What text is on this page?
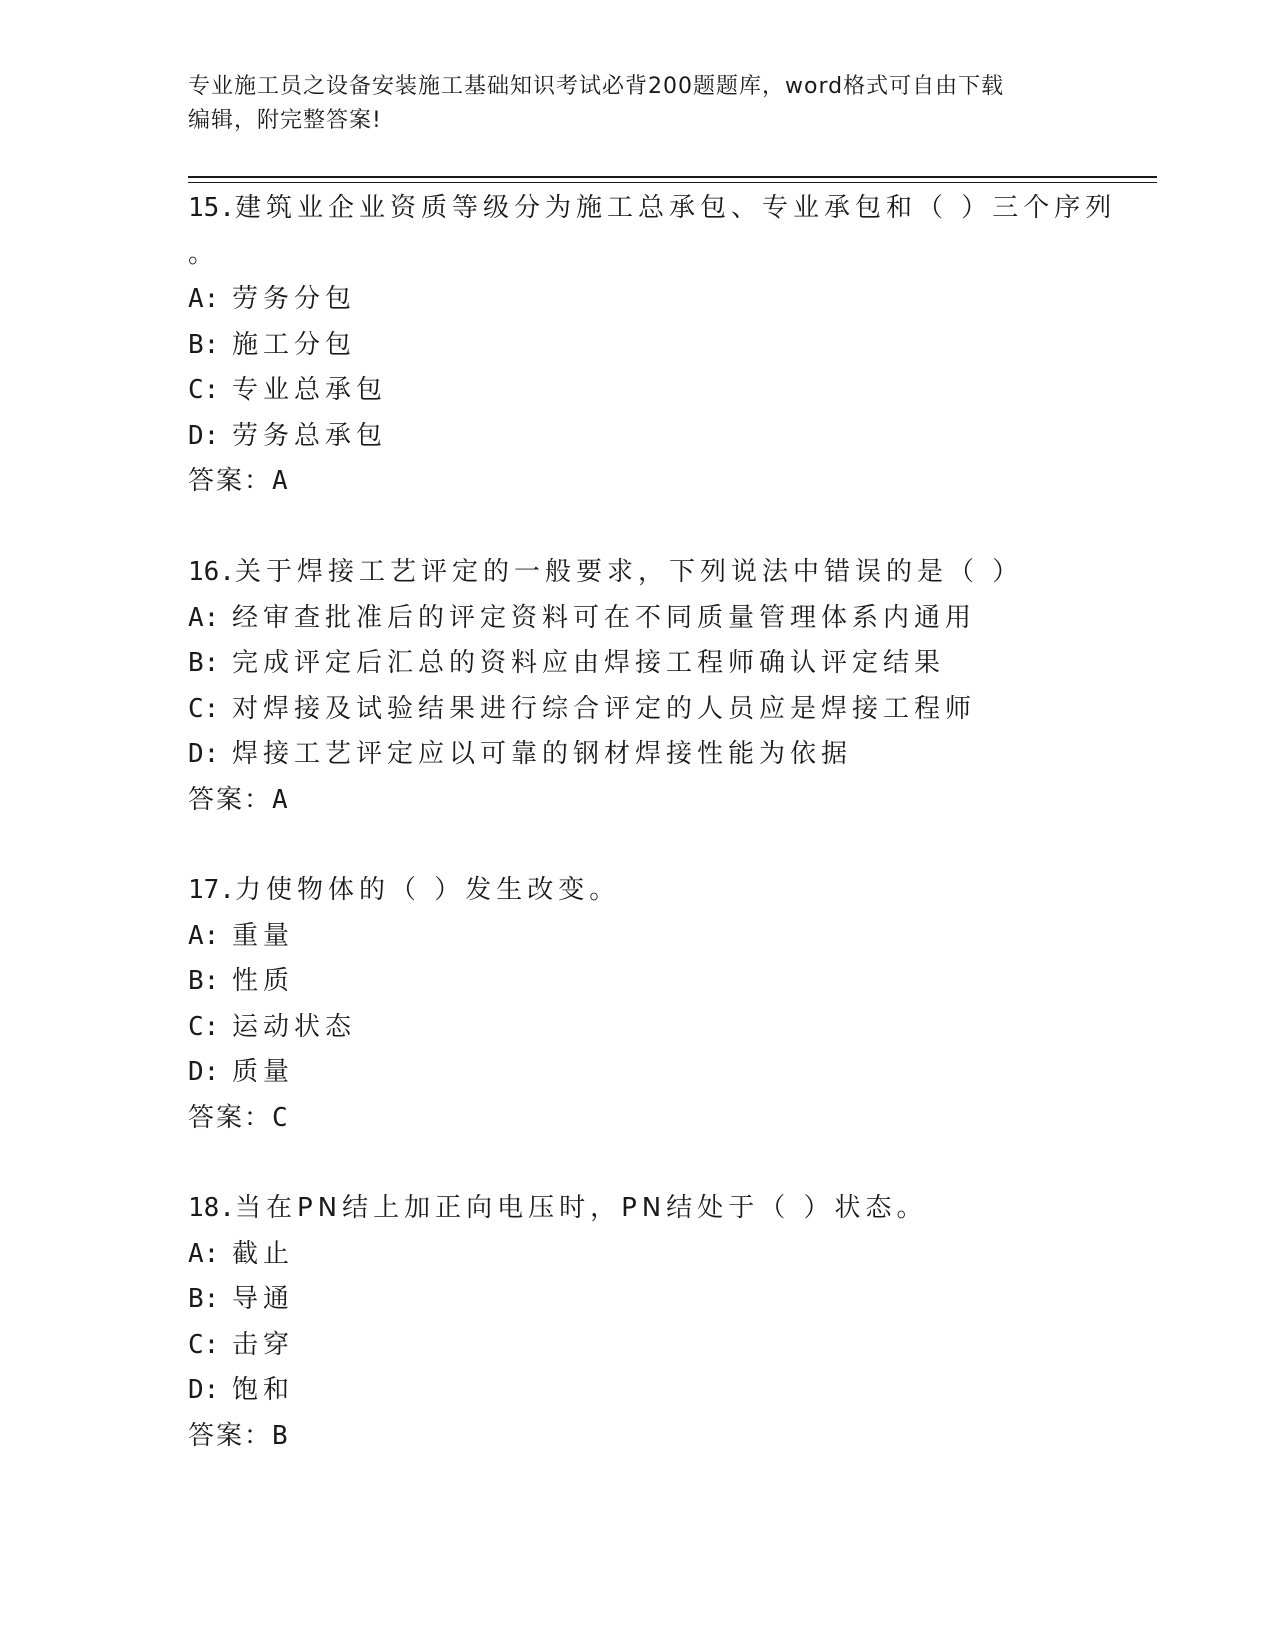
专业施工员之设备安装施工基础知识考试必背200题题库，word格式可自由下载
编辑，附完整答案!
15.建筑业企业资质等级分为施工总承包、专业承包和（ ）三个序列
。
A: 劳务分包
B: 施工分包
C: 专业总承包
D: 劳务总承包
答案：A
16.关于焊接工艺评定的一般要求，下列说法中错误的是（ ）
A: 经审查批准后的评定资料可在不同质量管理体系内通用
B: 完成评定后汇总的资料应由焊接工程师确认评定结果
C: 对焊接及试验结果进行综合评定的人员应是焊接工程师
D: 焊接工艺评定应以可靠的钢材焊接性能为依据
答案：A
17.力使物体的（ ）发生改变。
A: 重量
B: 性质
C: 运动状态
D: 质量
答案：C
18.当在PN结上加正向电压时，PN结处于（ ）状态。
A: 截止
B: 导通
C: 击穿
D: 饱和
答案：B
